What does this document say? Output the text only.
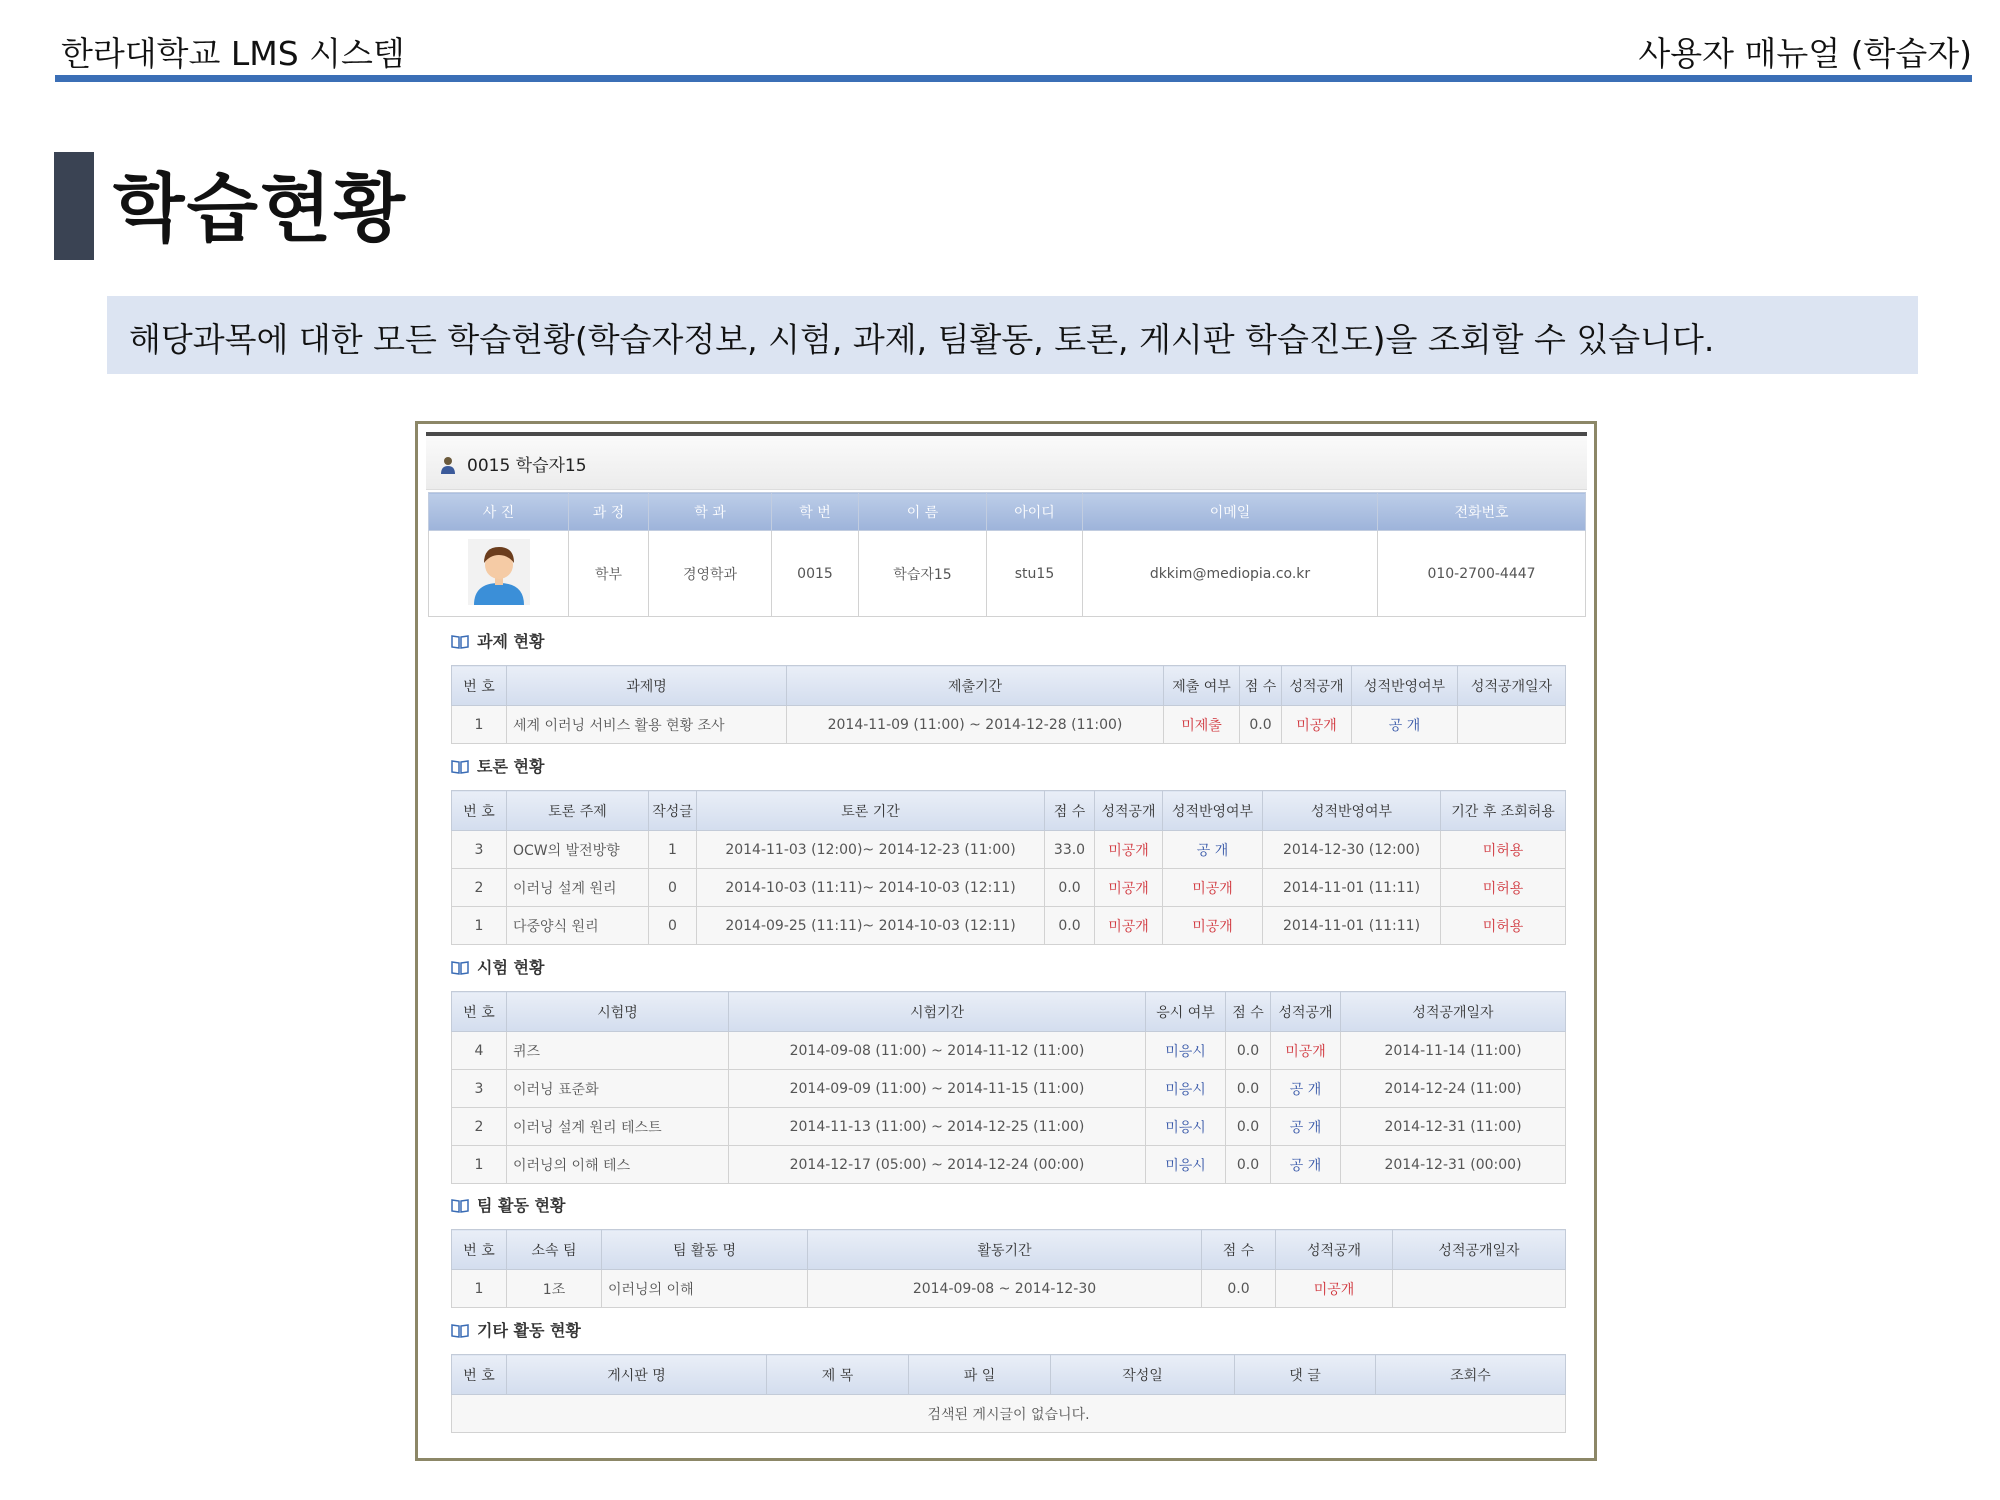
한라대학교 LMS 시스템	사용자 매뉴얼 (학습자)
학습현황
해당과목에 대한 모든 학습현황(학습자정보, 시험, 과제, 팀활동, 토론, 게시판 학습진도)을 조회할 수 있습니다.
0015 학습자15
사 진	과 정	학 과	학 번	이 름	아이디	이메일	전화번호
	학부	경영학과	0015	학습자15	stu15	dkkim@mediopia.co.kr	010-2700-4447
과제 현황
번 호	과제명	제출기간	제출 여부	점 수	성적공개	성적반영여부	성적공개일자
1	세계 이러닝 서비스 활용 현황 조사	2014-11-09 (11:00) ~ 2014-12-28 (11:00)	미제출	0.0	미공개	공 개	
토론 현황
번 호	토론 주제	작성글	토론 기간	점 수	성적공개	성적반영여부	성적반영여부	기간 후 조회허용
3	OCW의 발전방향	1	2014-11-03 (12:00)~ 2014-12-23 (11:00)	33.0	미공개	공 개	2014-12-30 (12:00)	미허용
2	이러닝 설계 원리	0	2014-10-03 (11:11)~ 2014-10-03 (12:11)	0.0	미공개	미공개	2014-11-01 (11:11)	미허용
1	다중양식 원리	0	2014-09-25 (11:11)~ 2014-10-03 (12:11)	0.0	미공개	미공개	2014-11-01 (11:11)	미허용
시험 현황
번 호	시험명	시험기간	응시 여부	점 수	성적공개	성적공개일자
4	퀴즈	2014-09-08 (11:00) ~ 2014-11-12 (11:00)	미응시	0.0	미공개	2014-11-14 (11:00)
3	이러닝 표준화	2014-09-09 (11:00) ~ 2014-11-15 (11:00)	미응시	0.0	공 개	2014-12-24 (11:00)
2	이러닝 설계 원리 테스트	2014-11-13 (11:00) ~ 2014-12-25 (11:00)	미응시	0.0	공 개	2014-12-31 (11:00)
1	이러닝의 이해 테스	2014-12-17 (05:00) ~ 2014-12-24 (00:00)	미응시	0.0	공 개	2014-12-31 (00:00)
팀 활동 현황
번 호	소속 팀	팀 활동 명	활동기간	점 수	성적공개	성적공개일자
1	1조	이러닝의 이해	2014-09-08 ~ 2014-12-30	0.0	미공개	
기타 활동 현황
번 호	게시판 명	제 목	파 일	작성일	댓 글	조회수
검색된 게시글이 없습니다.
